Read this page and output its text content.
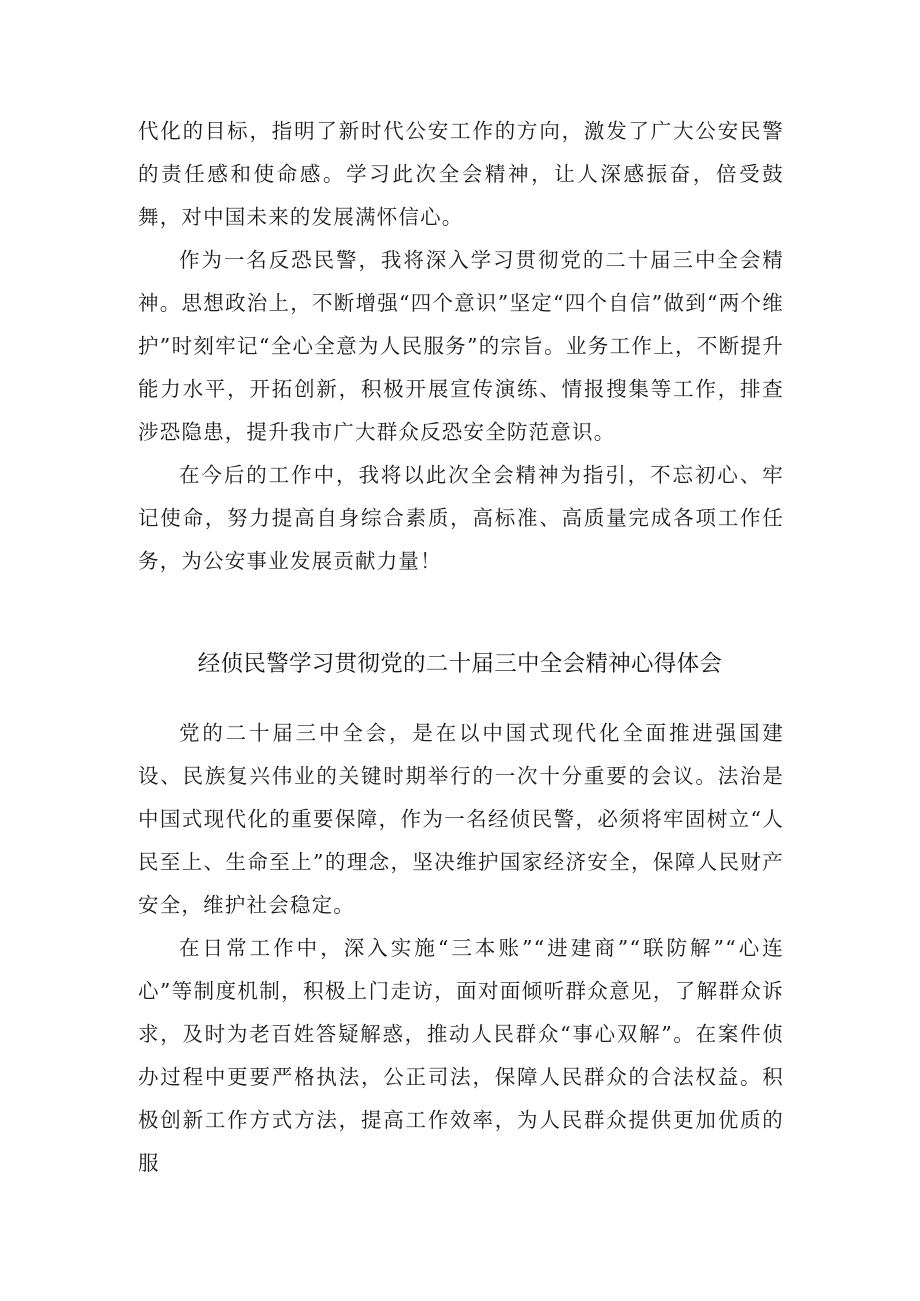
代化的目标，指明了新时代公安工作的方向，激发了广大公安民警的责任感和使命感。学习此次全会精神，让人深感振奋，倍受鼓舞，对中国未来的发展满怀信心。

作为一名反恐民警，我将深入学习贯彻党的二十届三中全会精神。思想政治上，不断增强“四个意识”坚定“四个自信”做到“两个维护”时刻牢记“全心全意为人民服务”的宗旨。业务工作上，不断提升能力水平，开拓创新，积极开展宣传演练、情报搜集等工作，排查涉恐隐患，提升我市广大群众反恐安全防范意识。

在今后的工作中，我将以此次全会精神为指引，不忘初心、牢记使命，努力提高自身综合素质，高标准、高质量完成各项工作任务，为公安事业发展贡献力量！

经侦民警学习贯彻党的二十届三中全会精神心得体会

党的二十届三中全会，是在以中国式现代化全面推进强国建设、民族复兴伟业的关键时期举行的一次十分重要的会议。法治是中国式现代化的重要保障，作为一名经侦民警，必须将牢固树立“人民至上、生命至上”的理念，坚决维护国家经济安全，保障人民财产安全，维护社会稳定。

在日常工作中，深入实施“三本账”“进建商”“联防解”“心连心”等制度机制，积极上门走访，面对面倾听群众意见，了解群众诉求，及时为老百姓答疑解惑，推动人民群众“事心双解”。在案件侦办过程中更要严格执法，公正司法，保障人民群众的合法权益。积极创新工作方式方法，提高工作效率，为人民群众提供更加优质的服
